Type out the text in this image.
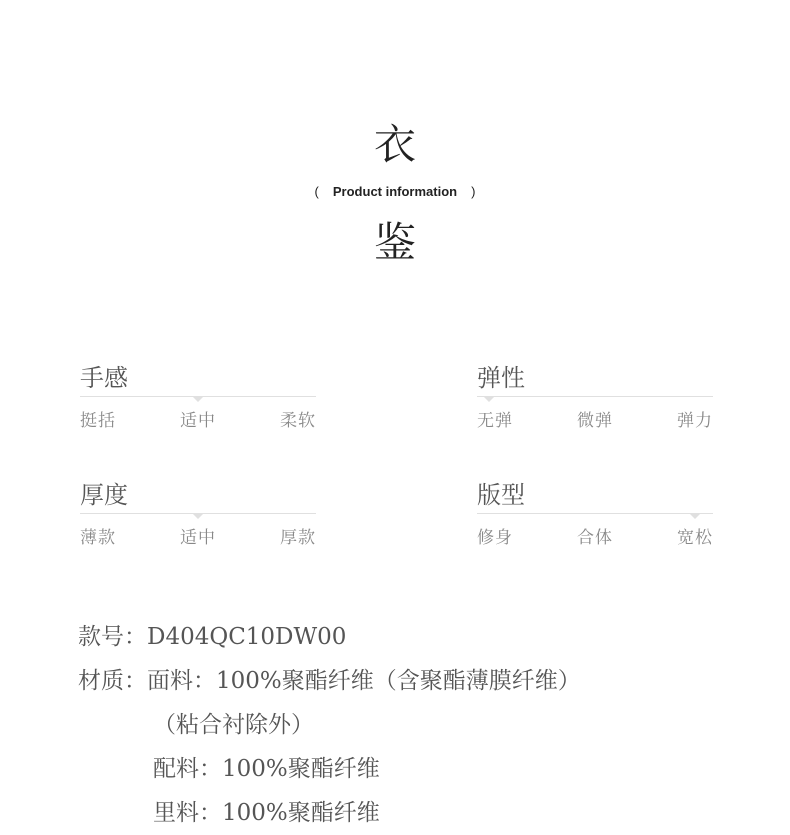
衣
( Product information )
鉴
手感
挺括	适中	柔软
弹性
无弹	微弹	弹力
厚度
薄款	适中	厚款
版型
修身	合体	宽松
款号：D404QC10DW00
材质：面料：100%聚酯纤维（含聚酯薄膜纤维）
（粘合衬除外）
配料：100%聚酯纤维
里料：100%聚酯纤维
